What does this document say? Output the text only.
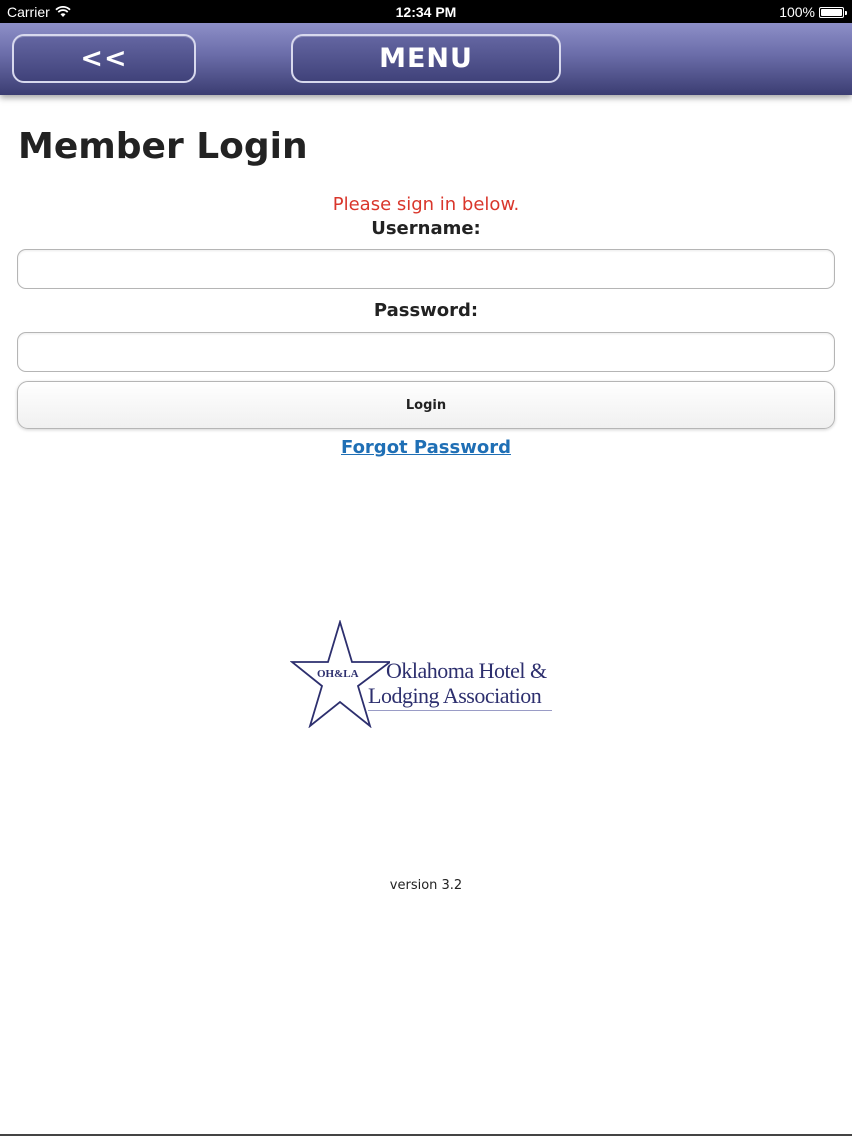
Carrier	12:34 PM	100%
<<	MENU
Member Login
Please sign in below.
Username:
Password:
Login
Forgot Password
OH&LA Oklahoma Hotel &
Lodging Association
version 3.2
